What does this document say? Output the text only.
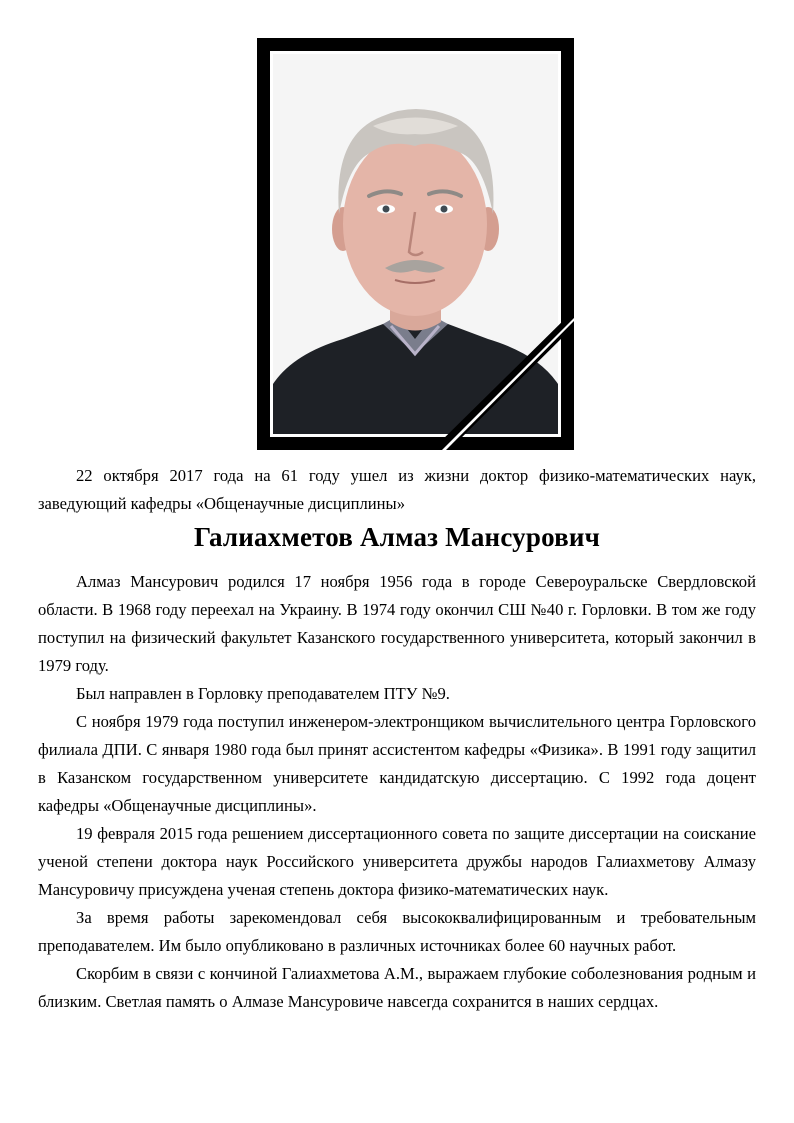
22 октября 2017 года на 61 году ушел из жизни доктор физико-математических наук, заведующий кафедры «Общенаучные дисциплины»

Галиахметов Алмаз Мансурович

Алмаз Мансурович родился 17 ноября 1956 года в городе Североуральске Свердловской области. В 1968 году переехал на Украину. В 1974 году окончил СШ №40 г. Горловки. В том же году поступил на физический факультет Казанского государственного университета, который закончил в 1979 году.

Был направлен в Горловку преподавателем ПТУ №9.

С ноября 1979 года поступил инженером-электронщиком вычислительного центра Горловского филиала ДПИ. С января 1980 года был принят ассистентом кафедры «Физика». В 1991 году защитил в Казанском государственном университете кандидатскую диссертацию. С 1992 года доцент кафедры «Общенаучные дисциплины».

19 февраля 2015 года решением диссертационного совета по защите диссертации на соискание ученой степени доктора наук Российского университета дружбы народов Галиахметову Алмазу Мансуровичу присуждена ученая степень доктора физико-математических наук.

За время работы зарекомендовал себя высококвалифицированным и требовательным преподавателем. Им было опубликовано в различных источниках более 60 научных работ.

Скорбим в связи с кончиной Галиахметова А.М., выражаем глубокие соболезнования родным и близким. Светлая память о Алмазе Мансуровиче навсегда сохранится в наших сердцах.
